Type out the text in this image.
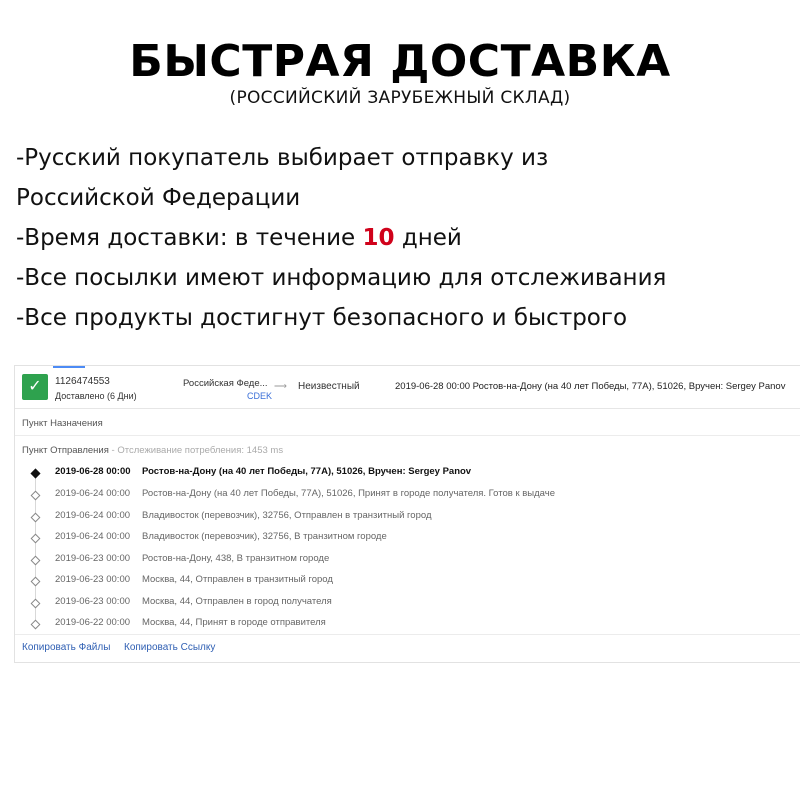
БЫСТРАЯ ДОСТАВКА
(РОССИЙСКИЙ ЗАРУБЕЖНЫЙ СКЛАД)
-Русский покупатель выбирает отправку из
Российской Федерации
-Время доставки: в течение 10 дней
-Все посылки имеют информацию для отслеживания
-Все продукты достигнут безопасного и быстрого
✓	1126474553
Доставлено (6 Дни)
Российская Феде...
CDEK
⟶ Неизвестный	2019-06-28 00:00 Ростов-на-Дону (на 40 лет Победы, 77А), 51026, Вручен: Sergey Panov
Пункт Назначения
Пункт Отправления - Отслеживание потребления: 1453 ms
2019-06-28 00:00 Ростов-на-Дону (на 40 лет Победы, 77А), 51026, Вручен: Sergey Panov
2019-06-24 00:00 Ростов-на-Дону (на 40 лет Победы, 77А), 51026, Принят в городе получателя. Готов к выдаче
2019-06-24 00:00 Владивосток (перевозчик), 32756, Отправлен в транзитный город
2019-06-24 00:00 Владивосток (перевозчик), 32756, В транзитном городе
2019-06-23 00:00 Ростов-на-Дону, 438, В транзитном городе
2019-06-23 00:00 Москва, 44, Отправлен в транзитный город
2019-06-23 00:00 Москва, 44, Отправлен в город получателя
2019-06-22 00:00 Москва, 44, Принят в городе отправителя
Копировать Файлы Копировать Ссылку
